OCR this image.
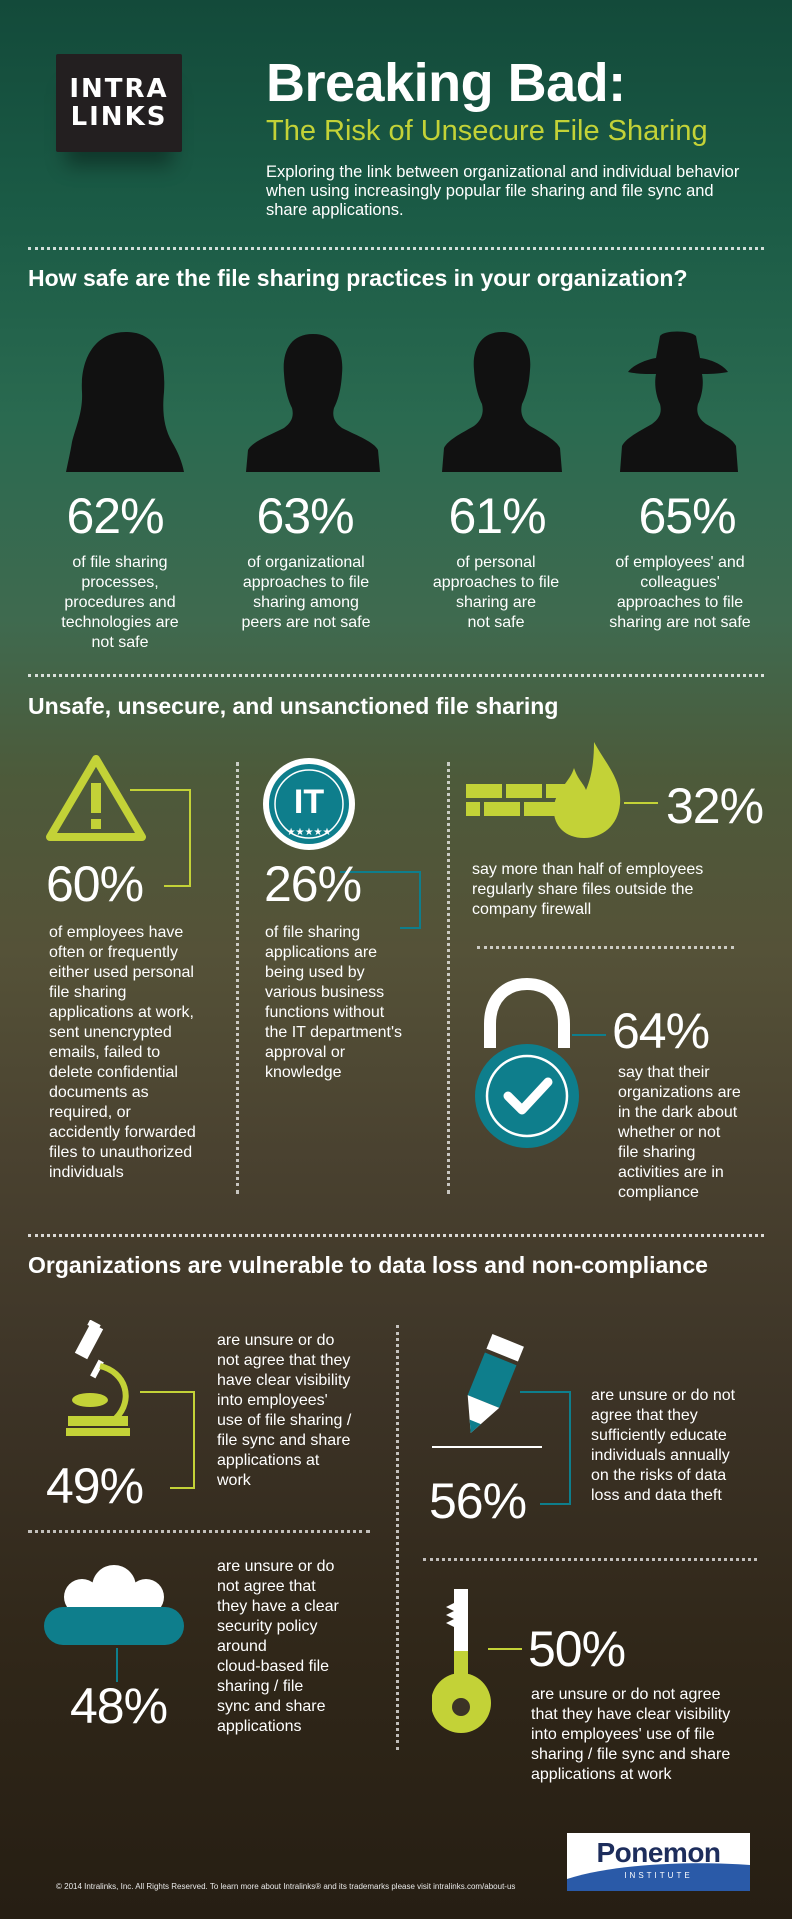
INTRA
LINKS
Breaking Bad:
The Risk of Unsecure File Sharing
Exploring the link between organizational and individual behavior when using increasingly popular file sharing and file sync and share applications.
How safe are the file sharing practices in your organization?
62%	63%	61%	65%
of file sharing
processes,
procedures and
technologies are
not safe
of organizational
approaches to file
sharing among
peers are not safe
of personal
approaches to file
sharing are
not safe
of employees' and
colleagues'
approaches to file
sharing are not safe
Unsafe, unsecure, and unsanctioned file sharing
60%
of employees have
often or frequently
either used personal
file sharing
applications at work,
sent unencrypted
emails, failed to
delete confidential
documents as
required, or
accidently forwarded
files to unauthorized
individuals
IT
★★★★★
26%
of file sharing
applications are
being used by
various business
functions without
the IT department's
approval or
knowledge
32%
say more than half of employees
regularly share files outside the
company firewall
64%
say that their
organizations are
in the dark about
whether or not
file sharing
activities are in
compliance
Organizations are vulnerable to data loss and non-compliance
49%
are unsure or do
not agree that they
have clear visibility
into employees'
use of file sharing /
file sync and share
applications at
work	56%
are unsure or do not
agree that they
sufficiently educate
individuals annually
on the risks of data
loss and data theft
48%
are unsure or do
not agree that
they have a clear
security policy
around
cloud-based file
sharing / file
sync and share
applications
50%
are unsure or do not agree
that they have clear visibility
into employees' use of file
sharing / file sync and share
applications at work
© 2014 Intralinks, Inc. All Rights Reserved. To learn more about Intralinks® and its trademarks please visit intralinks.com/about-us
Ponemon
INSTITUTE
